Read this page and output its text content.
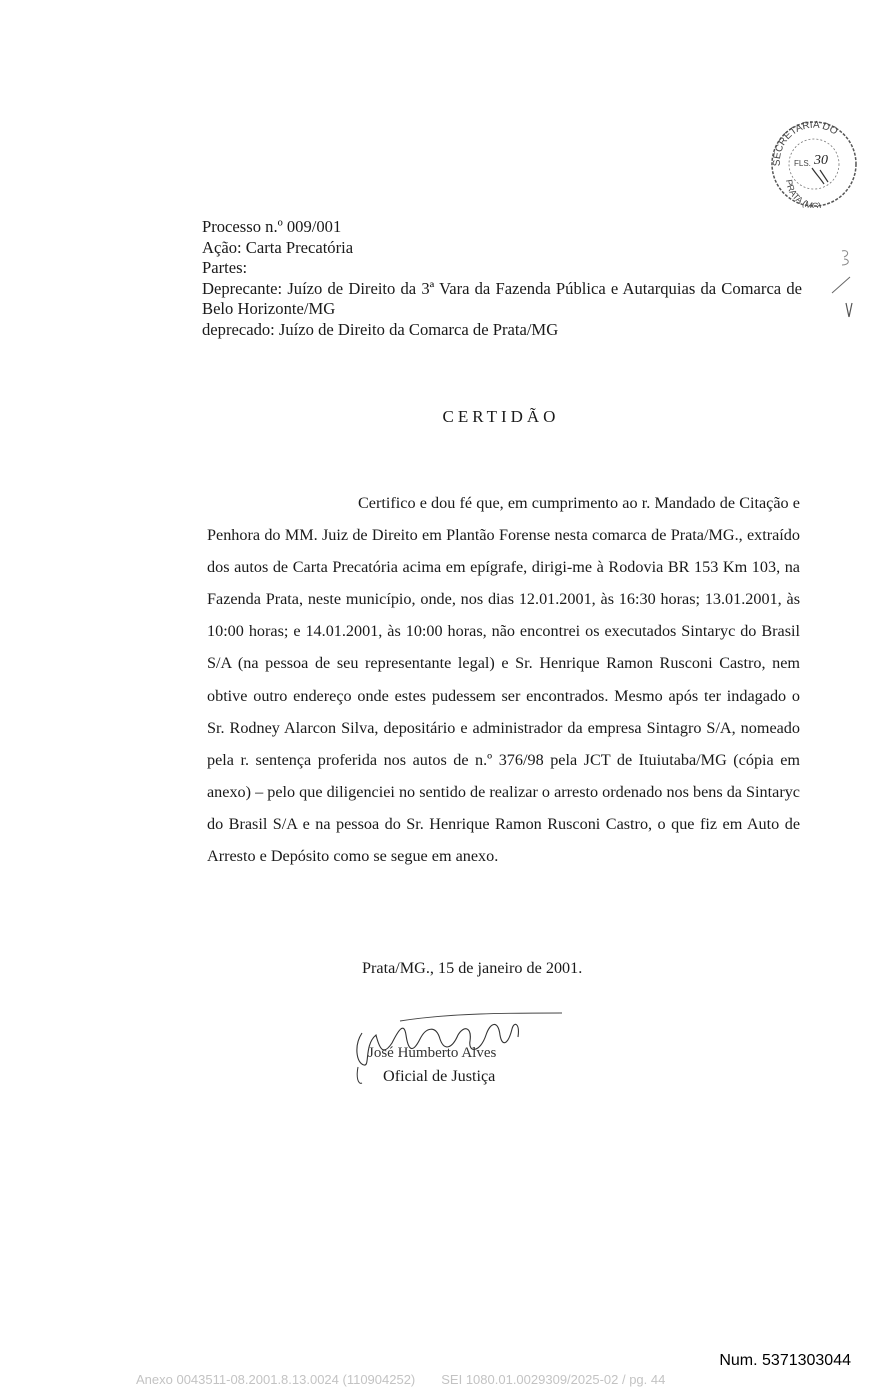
SECRETARIA DO
PRATA (MG)
FLS. 30
Processo n.º 009/001
Ação: Carta Precatória
Partes:
Deprecante: Juízo de Direito da 3ª Vara da Fazenda Pública e Autarquias da Comarca de Belo Horizonte/MG
deprecado: Juízo de Direito da Comarca de Prata/MG
CERTIDÃO
Certifico e dou fé que, em cumprimento ao r. Mandado de Citação e Penhora do MM. Juiz de Direito em Plantão Forense nesta comarca de Prata/MG., extraído dos autos de Carta Precatória acima em epígrafe, dirigi-me à Rodovia BR 153 Km 103, na Fazenda Prata, neste município, onde, nos dias 12.01.2001, às 16:30 horas; 13.01.2001, às 10:00 horas; e 14.01.2001, às 10:00 horas, não encontrei os executados Sintaryc do Brasil S/A (na pessoa de seu representante legal) e Sr. Henrique Ramon Rusconi Castro, nem obtive outro endereço onde estes pudessem ser encontrados. Mesmo após ter indagado o Sr. Rodney Alarcon Silva, depositário e administrador da empresa Sintagro S/A, nomeado pela r. sentença proferida nos autos de n.º 376/98 pela JCT de Ituiutaba/MG (cópia em anexo) – pelo que diligenciei no sentido de realizar o arresto ordenado nos bens da Sintaryc do Brasil S/A e na pessoa do Sr. Henrique Ramon Rusconi Castro, o que fiz em Auto de Arresto e Depósito como se segue em anexo.
Prata/MG., 15 de janeiro de 2001.
José Humberto Alves
Oficial de Justiça
Num. 5371303044
Anexo 0043511-08.2001.8.13.0024 (110904252) SEI 1080.01.0029309/2025-02 / pg. 44
